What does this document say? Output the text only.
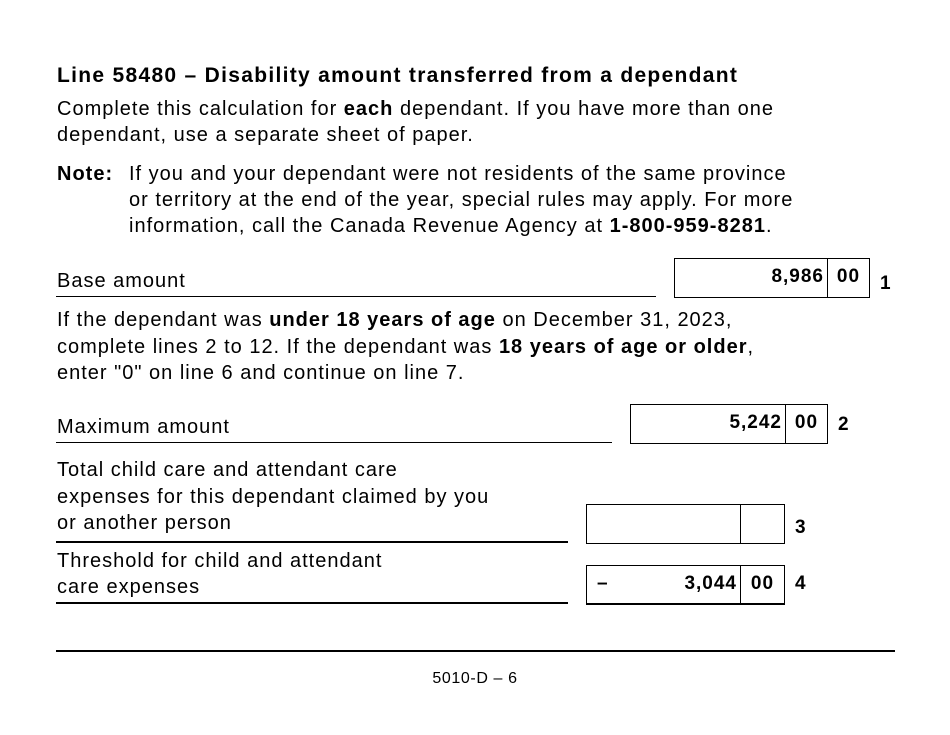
Line 58480 – Disability amount transferred from a dependant
Complete this calculation for each dependant. If you have more than one
dependant, use a separate sheet of paper.
Note: If you and your dependant were not residents of the same province
or territory at the end of the year, special rules may apply. For more
information, call the Canada Revenue Agency at 1-800-959-8281.
Base amount	8,986 00	1
If the dependant was under 18 years of age on December 31, 2023,
complete lines 2 to 12. If the dependant was 18 years of age or older,
enter "0" on line 6 and continue on line 7.
Maximum amount	5,242 00	2
Total child care and attendant care
expenses for this dependant claimed by you
or another person	3
Threshold for child and attendant
care expenses	–	3,044 00	4
5010-D – 6
